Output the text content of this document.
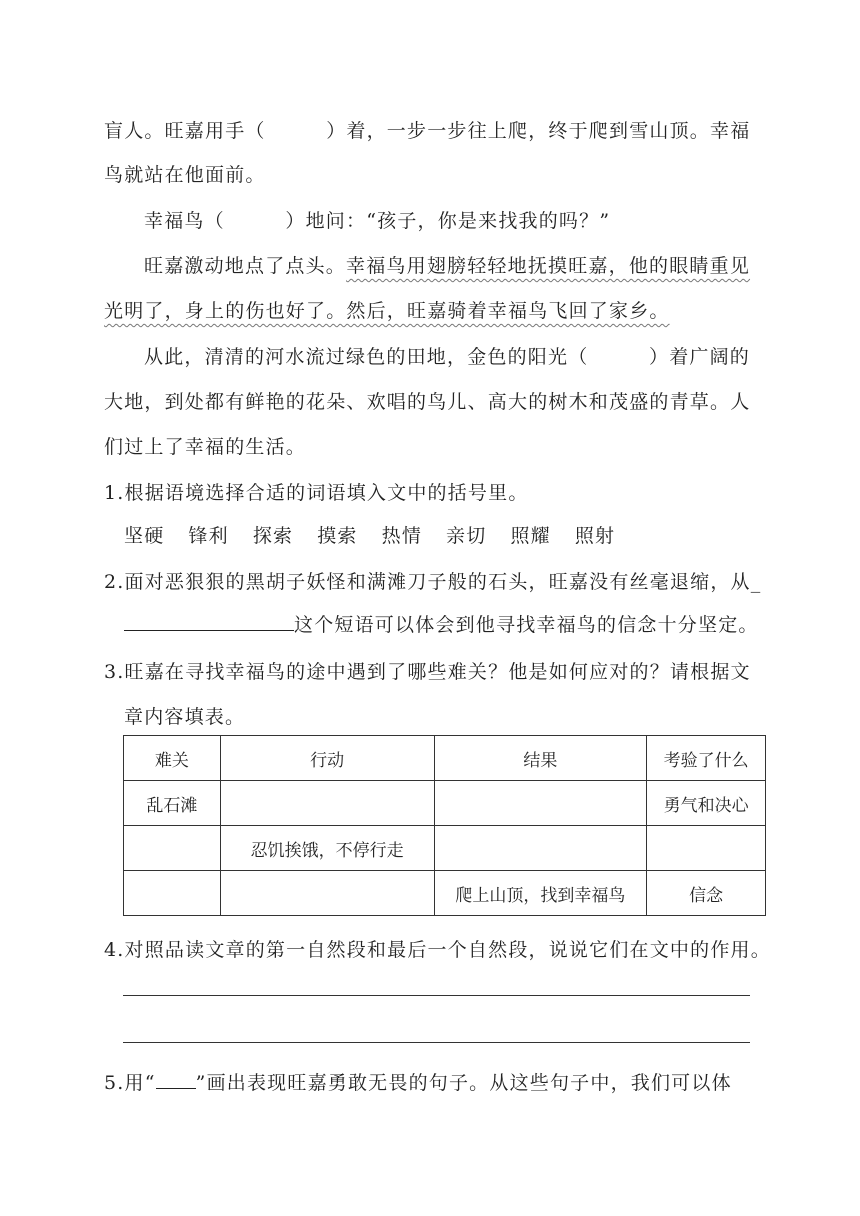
盲人。旺嘉用手（　　　）着，一步一步往上爬，终于爬到雪山顶。幸福
鸟就站在他面前。
幸福鸟（　　　）地问：“孩子，你是来找我的吗？”
旺嘉激动地点了点头。幸福鸟用翅膀轻轻地抚摸旺嘉，他的眼睛重见
光明了，身上的伤也好了。然后，旺嘉骑着幸福鸟飞回了家乡。
从此，清清的河水流过绿色的田地，金色的阳光（　　　）着广阔的
大地，到处都有鲜艳的花朵、欢唱的鸟儿、高大的树木和茂盛的青草。人
们过上了幸福的生活。
1.根据语境选择合适的词语填入文中的括号里。
坚硬 锋利 探索 摸索 热情 亲切 照耀 照射
2.面对恶狠狠的黑胡子妖怪和满滩刀子般的石头，旺嘉没有丝毫退缩，从_
这个短语可以体会到他寻找幸福鸟的信念十分坚定。
3.旺嘉在寻找幸福鸟的途中遇到了哪些难关？他是如何应对的？请根据文
章内容填表。
难关	行动	结果	考验了什么
乱石滩			勇气和决心
	忍饥挨饿，不停行走		
		爬上山顶，找到幸福鸟	信念
4.对照品读文章的第一自然段和最后一个自然段，说说它们在文中的作用。
5.用“ ”画出表现旺嘉勇敢无畏的句子。从这些句子中，我们可以体
